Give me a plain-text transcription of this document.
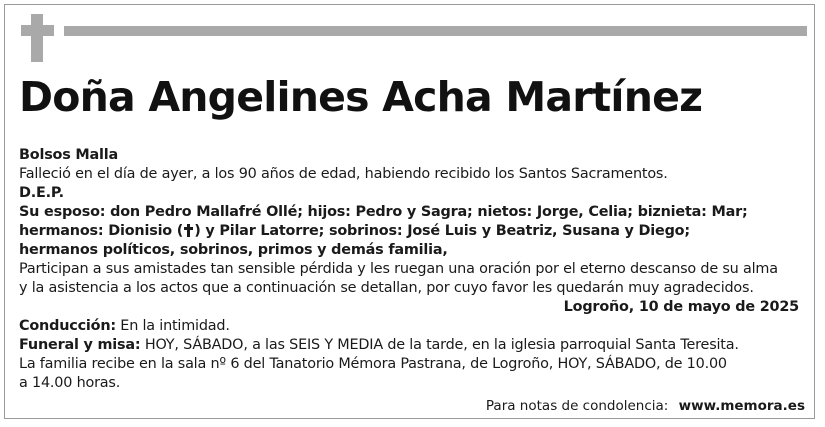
Doña Angelines Acha Martínez
Bolsos Malla
Falleció en el día de ayer, a los 90 años de edad, habiendo recibido los Santos Sacramentos.
D.E.P.
Su esposo: don Pedro Mallafré Ollé; hijos: Pedro y Sagra; nietos: Jorge, Celia; biznieta: Mar;
hermanos: Dionisio ( ) y Pilar Latorre; sobrinos: José Luis y Beatriz, Susana y Diego;
hermanos políticos, sobrinos, primos y demás familia,
Participan a sus amistades tan sensible pérdida y les ruegan una oración por el eterno descanso de su alma
y la asistencia a los actos que a continuación se detallan, por cuyo favor les quedarán muy agradecidos.
Logroño, 10 de mayo de 2025
Conducción: En la intimidad.
Funeral y misa: HOY, SÁBADO, a las SEIS Y MEDIA de la tarde, en la iglesia parroquial Santa Teresita.
La familia recibe en la sala nº 6 del Tanatorio Mémora Pastrana, de Logroño, HOY, SÁBADO, de 10.00
a 14.00 horas.
Para notas de condolencia: www.memora.es
